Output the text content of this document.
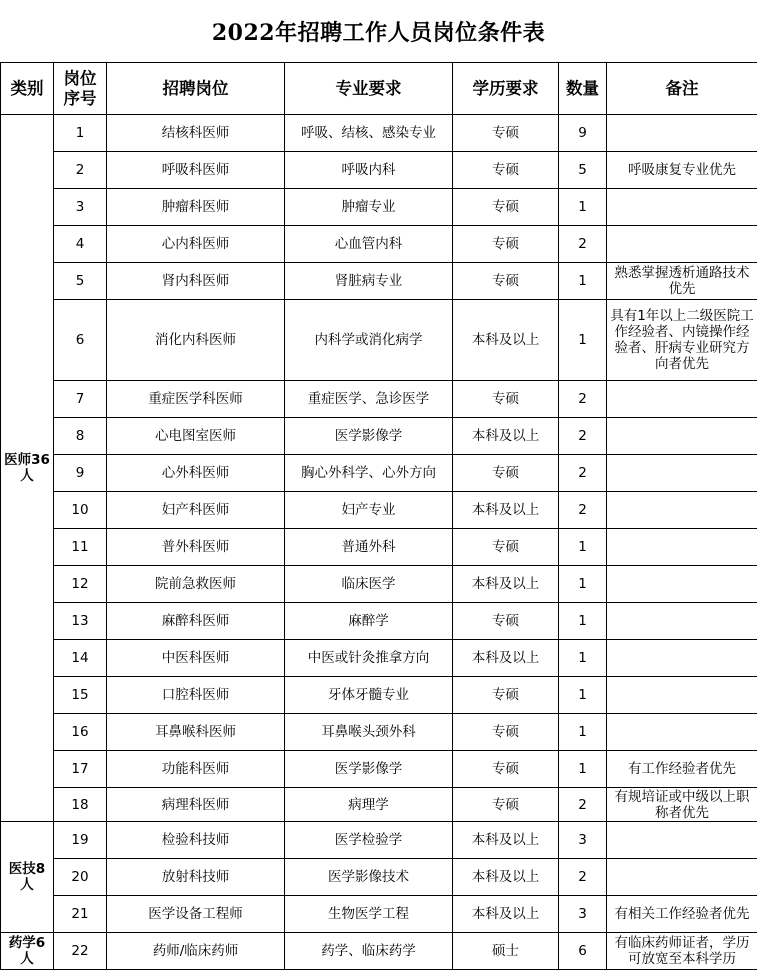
2022年招聘工作人员岗位条件表
类别	岗位序号	招聘岗位	专业要求	学历要求	数量	备注
医师36人	1	结核科医师	呼吸、结核、感染专业	专硕	9	
	2	呼吸科医师	呼吸内科	专硕	5	呼吸康复专业优先
	3	肿瘤科医师	肿瘤专业	专硕	1	
	4	心内科医师	心血管内科	专硕	2	
	5	肾内科医师	肾脏病专业	专硕	1	熟悉掌握透析通路技术优先
	6	消化内科医师	内科学或消化病学	本科及以上	1	具有1年以上二级医院工作经验者、内镜操作经验者、肝病专业研究方向者优先
	7	重症医学科医师	重症医学、急诊医学	专硕	2	
	8	心电图室医师	医学影像学	本科及以上	2	
	9	心外科医师	胸心外科学、心外方向	专硕	2	
	10	妇产科医师	妇产专业	本科及以上	2	
	11	普外科医师	普通外科	专硕	1	
	12	院前急救医师	临床医学	本科及以上	1	
	13	麻醉科医师	麻醉学	专硕	1	
	14	中医科医师	中医或针灸推拿方向	本科及以上	1	
	15	口腔科医师	牙体牙髓专业	专硕	1	
	16	耳鼻喉科医师	耳鼻喉头颈外科	专硕	1	
	17	功能科医师	医学影像学	专硕	1	有工作经验者优先
	18	病理科医师	病理学	专硕	2	有规培证或中级以上职称者优先
医技8人	19	检验科技师	医学检验学	本科及以上	3	
	20	放射科技师	医学影像技术	本科及以上	2	
	21	医学设备工程师	生物医学工程	本科及以上	3	有相关工作经验者优先
药学6人	22	药师/临床药师	药学、临床药学	硕士	6	有临床药师证者，学历可放宽至本科学历
